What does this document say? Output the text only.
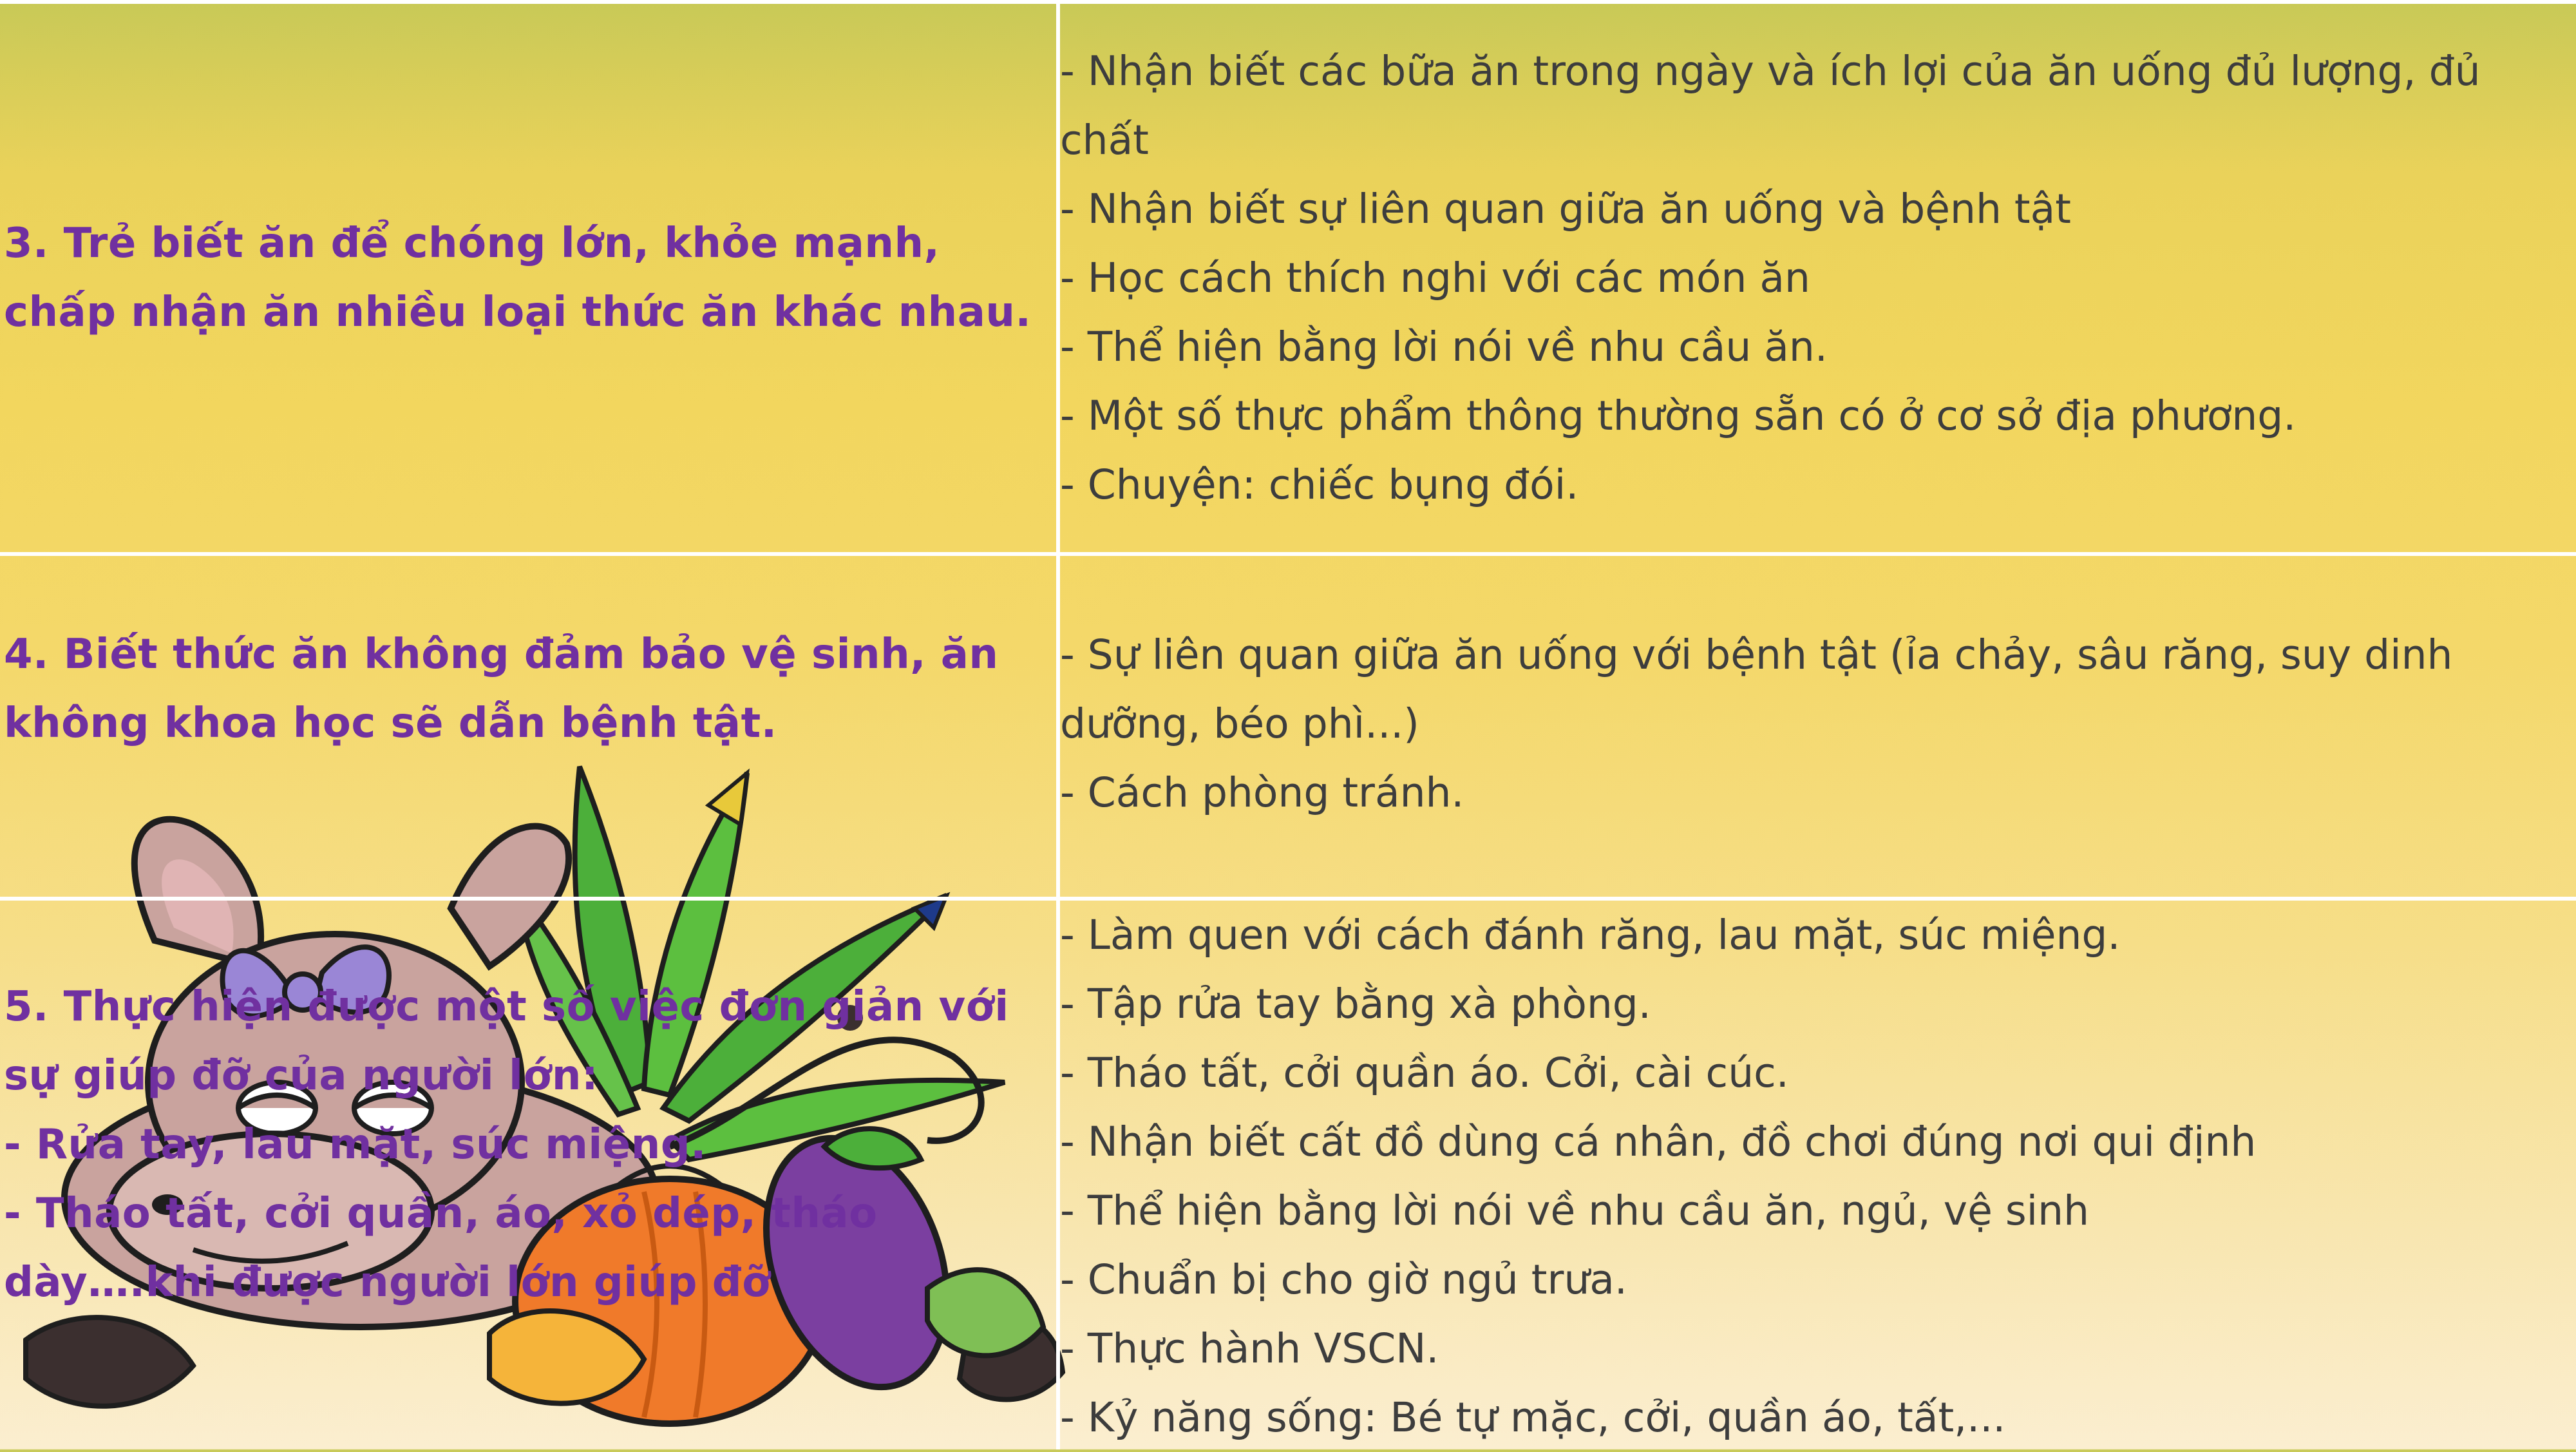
3. Trẻ biết ăn để chóng lớn, khỏe mạnh, chấp nhận ăn nhiều loại thức ăn khác nhau.
- Nhận biết các bữa ăn trong ngày và ích lợi của ăn uống đủ lượng, đủ chất
- Nhận biết sự liên quan giữa ăn uống và bệnh tật
- Học cách thích nghi với các món ăn
- Thể hiện bằng lời nói về nhu cầu ăn.
- Một số thực phẩm thông thường sẵn có ở cơ sở địa phương.
- Chuyện: chiếc bụng đói.
4. Biết thức ăn không đảm bảo vệ sinh, ăn không khoa học sẽ dẫn bệnh tật.
- Sự liên quan giữa ăn uống với bệnh tật (ỉa chảy, sâu răng, suy dinh dưỡng, béo phì...)
- Cách phòng tránh.
5. Thực hiện được một số việc đơn giản với sự giúp đỡ của người lớn:
- Rửa tay, lau mặt, súc miệng.
- Tháo tất, cởi quần, áo, xỏ dép, tháo dày….khi được người lớn giúp đỡ
- Làm quen với cách đánh răng, lau mặt, súc miệng.
- Tập rửa tay bằng xà phòng.
- Tháo tất, cởi quần áo. Cởi, cài cúc.
- Nhận biết cất đồ dùng cá nhân, đồ chơi đúng nơi qui định
- Thể hiện bằng lời nói về nhu cầu ăn, ngủ, vệ sinh
- Chuẩn bị cho giờ ngủ trưa.
- Thực hành VSCN.
- Kỷ năng sống: Bé tự mặc, cởi, quần áo, tất,...
